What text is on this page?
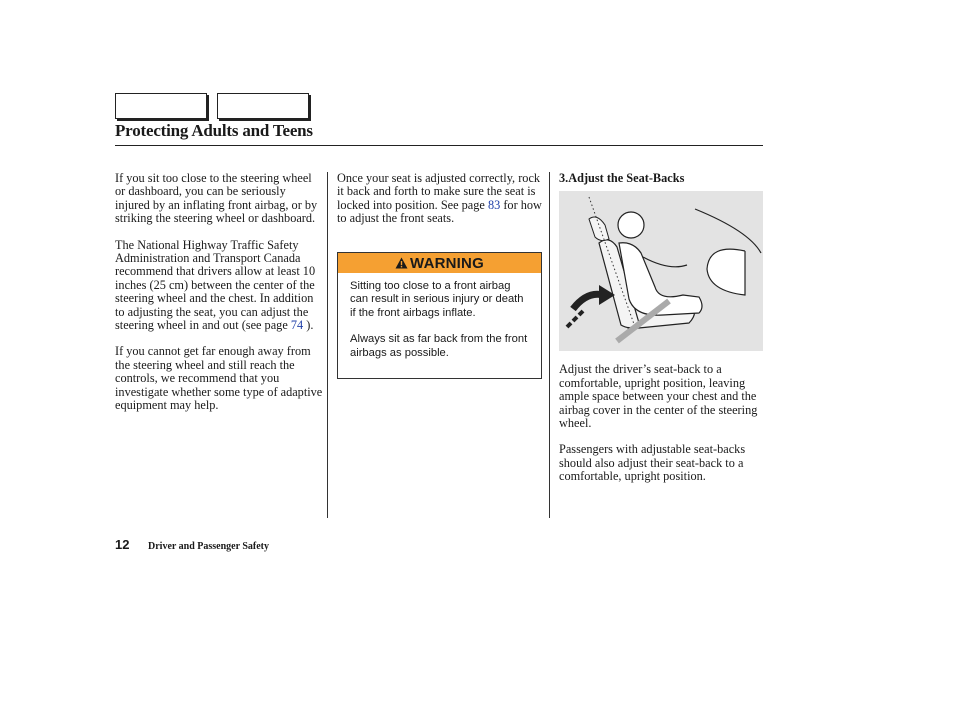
Protecting Adults and Teens

If you sit too close to the steering wheel or dashboard, you can be seriously injured by an inflating front airbag, or by striking the steering wheel or dashboard.

The National Highway Traffic Safety Administration and Transport Canada recommend that drivers allow at least 10 inches (25 cm) between the center of the steering wheel and the chest. In addition to adjusting the seat, you can adjust the steering wheel in and out (see page 74 ).

If you cannot get far enough away from the steering wheel and still reach the controls, we recommend that you investigate whether some type of adaptive equipment may help.

Once your seat is adjusted correctly, rock it back and forth to make sure the seat is locked into position. See page 83 for how to adjust the front seats.

WARNING

Sitting too close to a front airbag can result in serious injury or death if the front airbags inflate.

Always sit as far back from the front airbags as possible.

3.Adjust the Seat-Backs

Adjust the driver’s seat-back to a comfortable, upright position, leaving ample space between your chest and the airbag cover in the center of the steering wheel.

Passengers with adjustable seat-backs should also adjust their seat-back to a comfortable, upright position.

12 Driver and Passenger Safety
